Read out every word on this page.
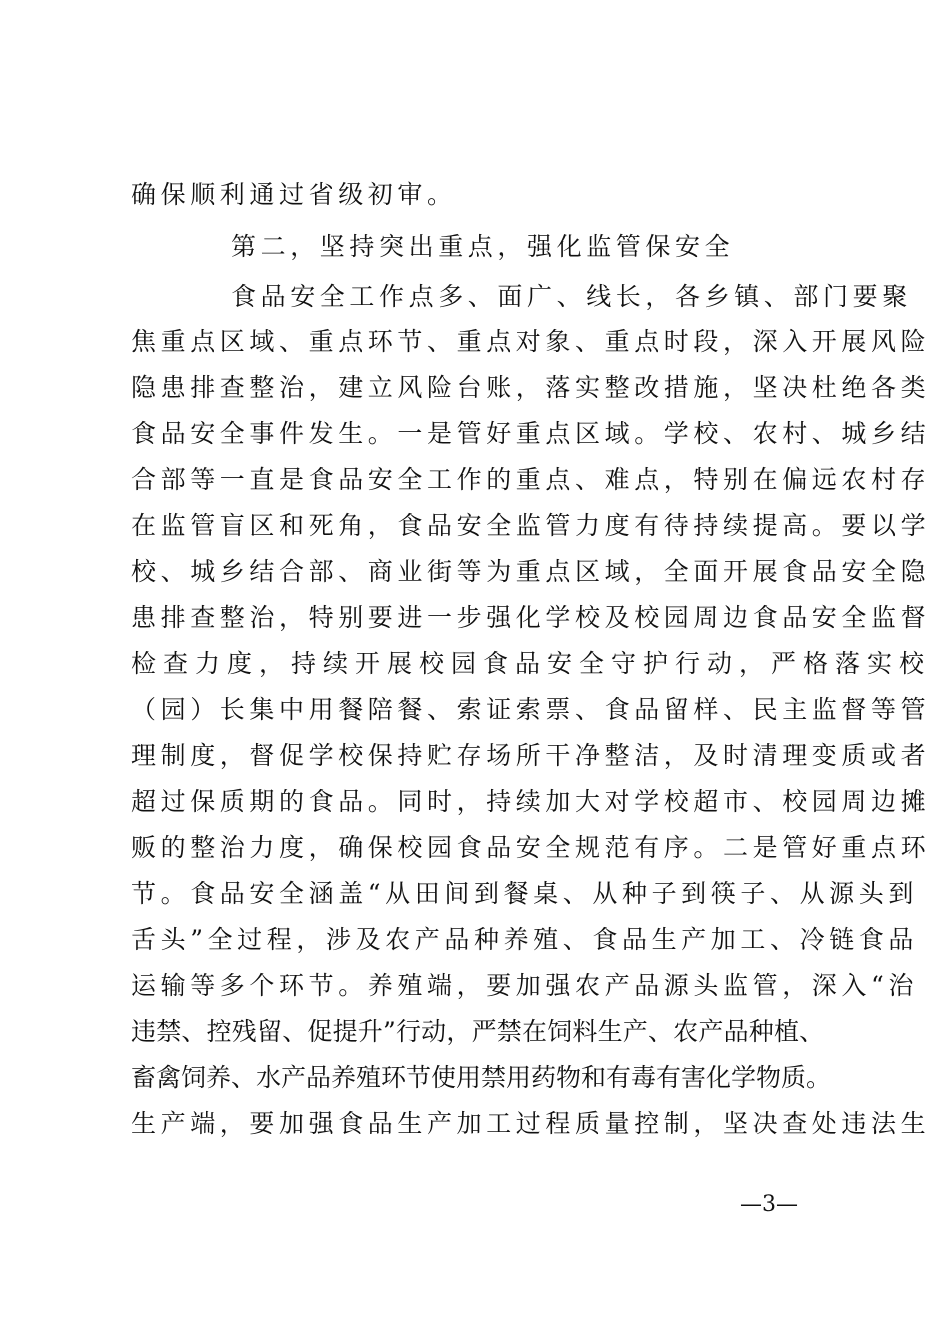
确保顺利通过省级初审。
第二，坚持突出重点，强化监管保安全
食品安全工作点多、面广、线长，各乡镇、部门要聚
焦重点区域、重点环节、重点对象、重点时段，深入开展风险
隐患排查整治，建立风险台账，落实整改措施，坚决杜绝各类
食品安全事件发生。一是管好重点区域。学校、农村、城乡结
合部等一直是食品安全工作的重点、难点，特别在偏远农村存
在监管盲区和死角，食品安全监管力度有待持续提高。要以学
校、城乡结合部、商业街等为重点区域，全面开展食品安全隐
患排查整治，特别要进一步强化学校及校园周边食品安全监督
检查力度，持续开展校园食品安全守护行动，严格落实校
（园）长集中用餐陪餐、索证索票、食品留样、民主监督等管
理制度，督促学校保持贮存场所干净整洁，及时清理变质或者
超过保质期的食品。同时，持续加大对学校超市、校园周边摊
贩的整治力度，确保校园食品安全规范有序。二是管好重点环
节。食品安全涵盖“从田间到餐桌、从种子到筷子、从源头到
舌头”全过程，涉及农产品种养殖、食品生产加工、冷链食品
运输等多个环节。养殖端，要加强农产品源头监管，深入“治
违禁、控残留、促提升”行动，严禁在饲料生产、农产品种植、
畜禽饲养、水产品养殖环节使用禁用药物和有毒有害化学物质。
生产端，要加强食品生产加工过程质量控制，坚决查处违法生
—3—
